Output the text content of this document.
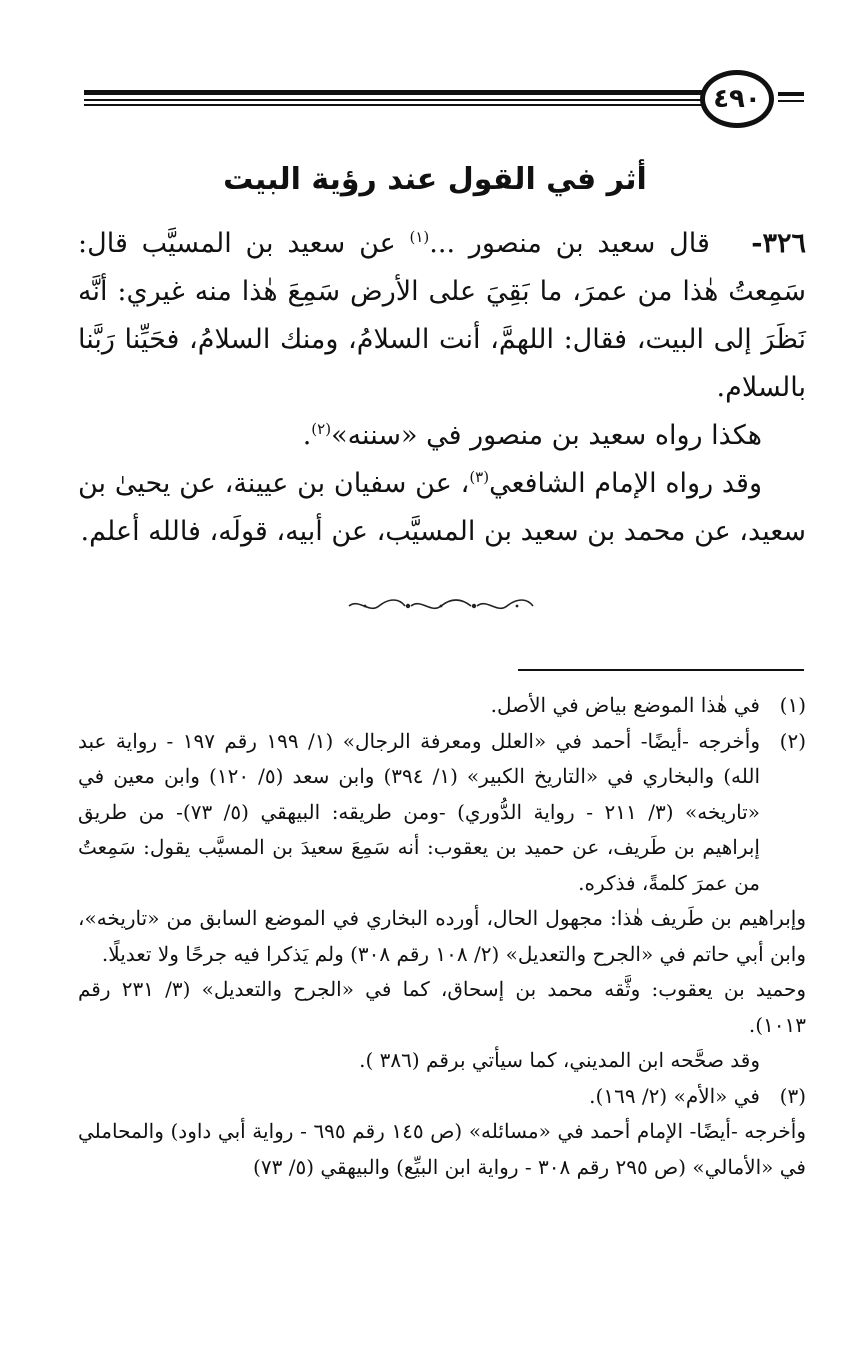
٤٩٠
أثر في القول عند رؤية البيت

٣٢٦-   قال سعيد بن منصور ...$^{(١)}$ عن سعيد بن المسيَّب قال: سَمِعتُ هٰذا من عمرَ، ما بَقِيَ على الأرض سَمِعَ هٰذا منه غيري: أنَّه نَظَرَ إلى البيت، فقال: اللهمَّ، أنت السلامُ، ومنك السلامُ، فحَيِّنا رَبَّنا بالسلام.

هكذا رواه سعيد بن منصور في «سننه»$^{(٢)}$.

وقد رواه الإمام الشافعي$^{(٣)}$، عن سفيان بن عيينة، عن يحيىٰ بن سعيد، عن محمد بن سعيد بن المسيَّب، عن أبيه، قولَه، فالله أعلم.

(١)
في هٰذا الموضع بياض في الأصل.
(٢)
وأخرجه -أيضًا- أحمد في «العلل ومعرفة الرجال» (١/ ١٩٩ رقم ١٩٧ - رواية عبد الله) والبخاري في «التاريخ الكبير» (١/ ٣٩٤) وابن سعد (٥/ ١٢٠) وابن معين في «تاريخه» (٣/ ٢١١ - رواية الدُّوري) -ومن طريقه: البيهقي (٥/ ٧٣)- من طريق إبراهيم بن طَريف، عن حميد بن يعقوب: أنه سَمِعَ سعيدَ بن المسيَّب يقول: سَمِعتُ من عمرَ كلمةً، فذكره.

وإبراهيم بن طَريف هٰذا: مجهول الحال، أورده البخاري في الموضع السابق من «تاريخه»، وابن أبي حاتم في «الجرح والتعديل» (٢/ ١٠٨ رقم ٣٠٨) ولم يَذكرا فيه جرحًا ولا تعديلًا.

وحميد بن يعقوب: وثَّقه محمد بن إسحاق، كما في «الجرح والتعديل» (٣/ ٢٣١ رقم ١٠١٣).

وقد صحَّحه ابن المديني، كما سيأتي برقم (٣٨٦ ).

(٣)
في «الأم» (٢/ ١٦٩).

وأخرجه -أيضًا- الإمام أحمد في «مسائله» (ص ١٤٥ رقم ٦٩٥ - رواية أبي داود) والمحاملي في «الأمالي» (ص ٢٩٥ رقم ٣٠٨ - رواية ابن البيِّع) والبيهقي (٥/ ٧٣)
